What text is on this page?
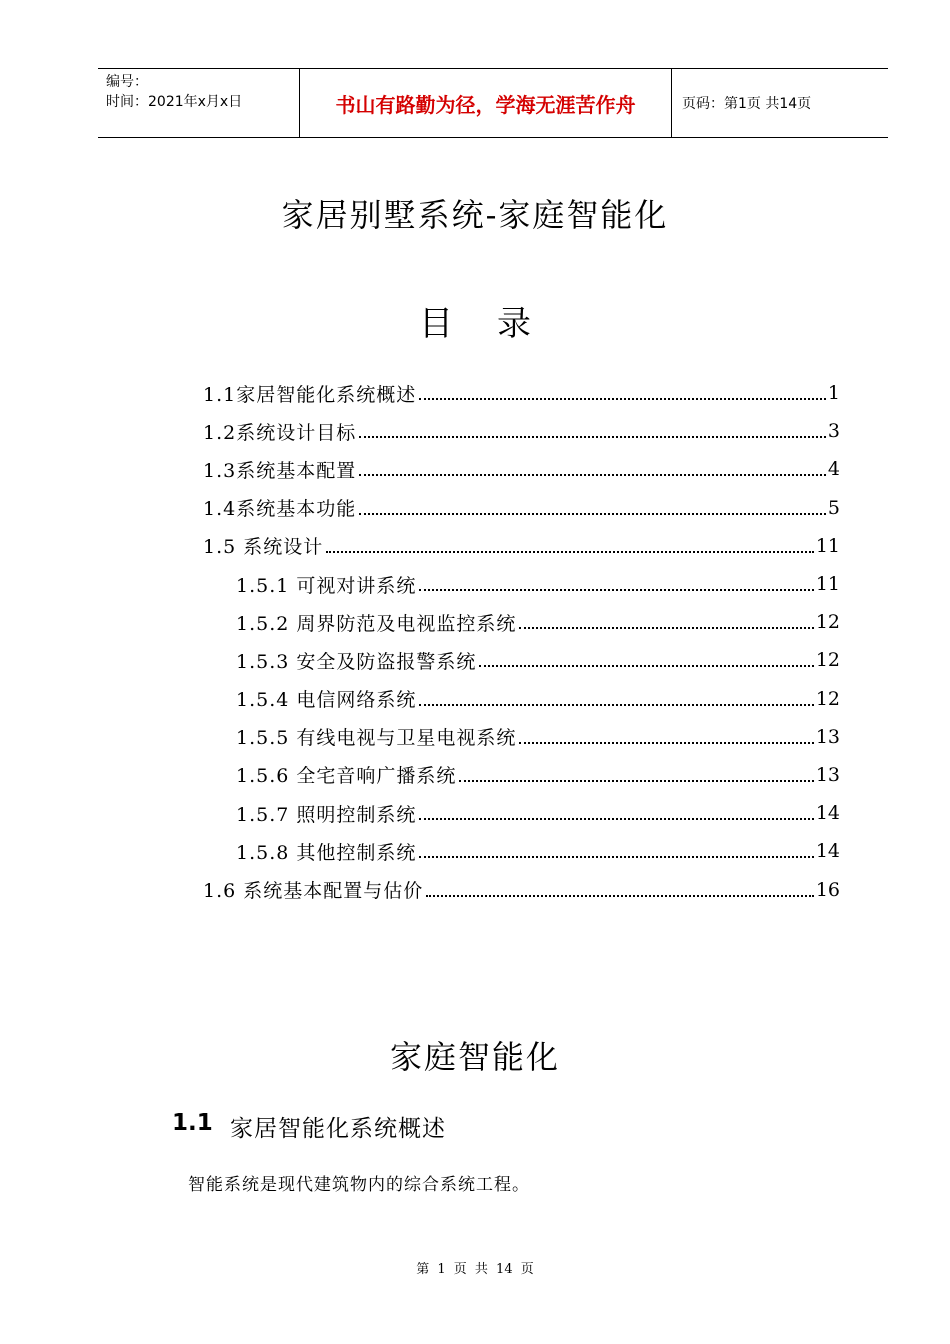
编号：
时间：2021年x月x日	书山有路勤为径，学海无涯苦作舟	页码：第1页 共14页
家居别墅系统-家庭智能化
目录
1.1家居智能化系统概述	1
1.2系统设计目标	3
1.3系统基本配置	4
1.4系统基本功能	5
1.5 系统设计	11
1.5.1 可视对讲系统	11
1.5.2 周界防范及电视监控系统	12
1.5.3 安全及防盗报警系统	12
1.5.4 电信网络系统	12
1.5.5 有线电视与卫星电视系统	13
1.5.6 全宅音响广播系统	13
1.5.7 照明控制系统	14
1.5.8 其他控制系统	14
1.6 系统基本配置与估价	16
家庭智能化
1.1 家居智能化系统概述
智能系统是现代建筑物内的综合系统工程。
第 1 页 共 14 页
